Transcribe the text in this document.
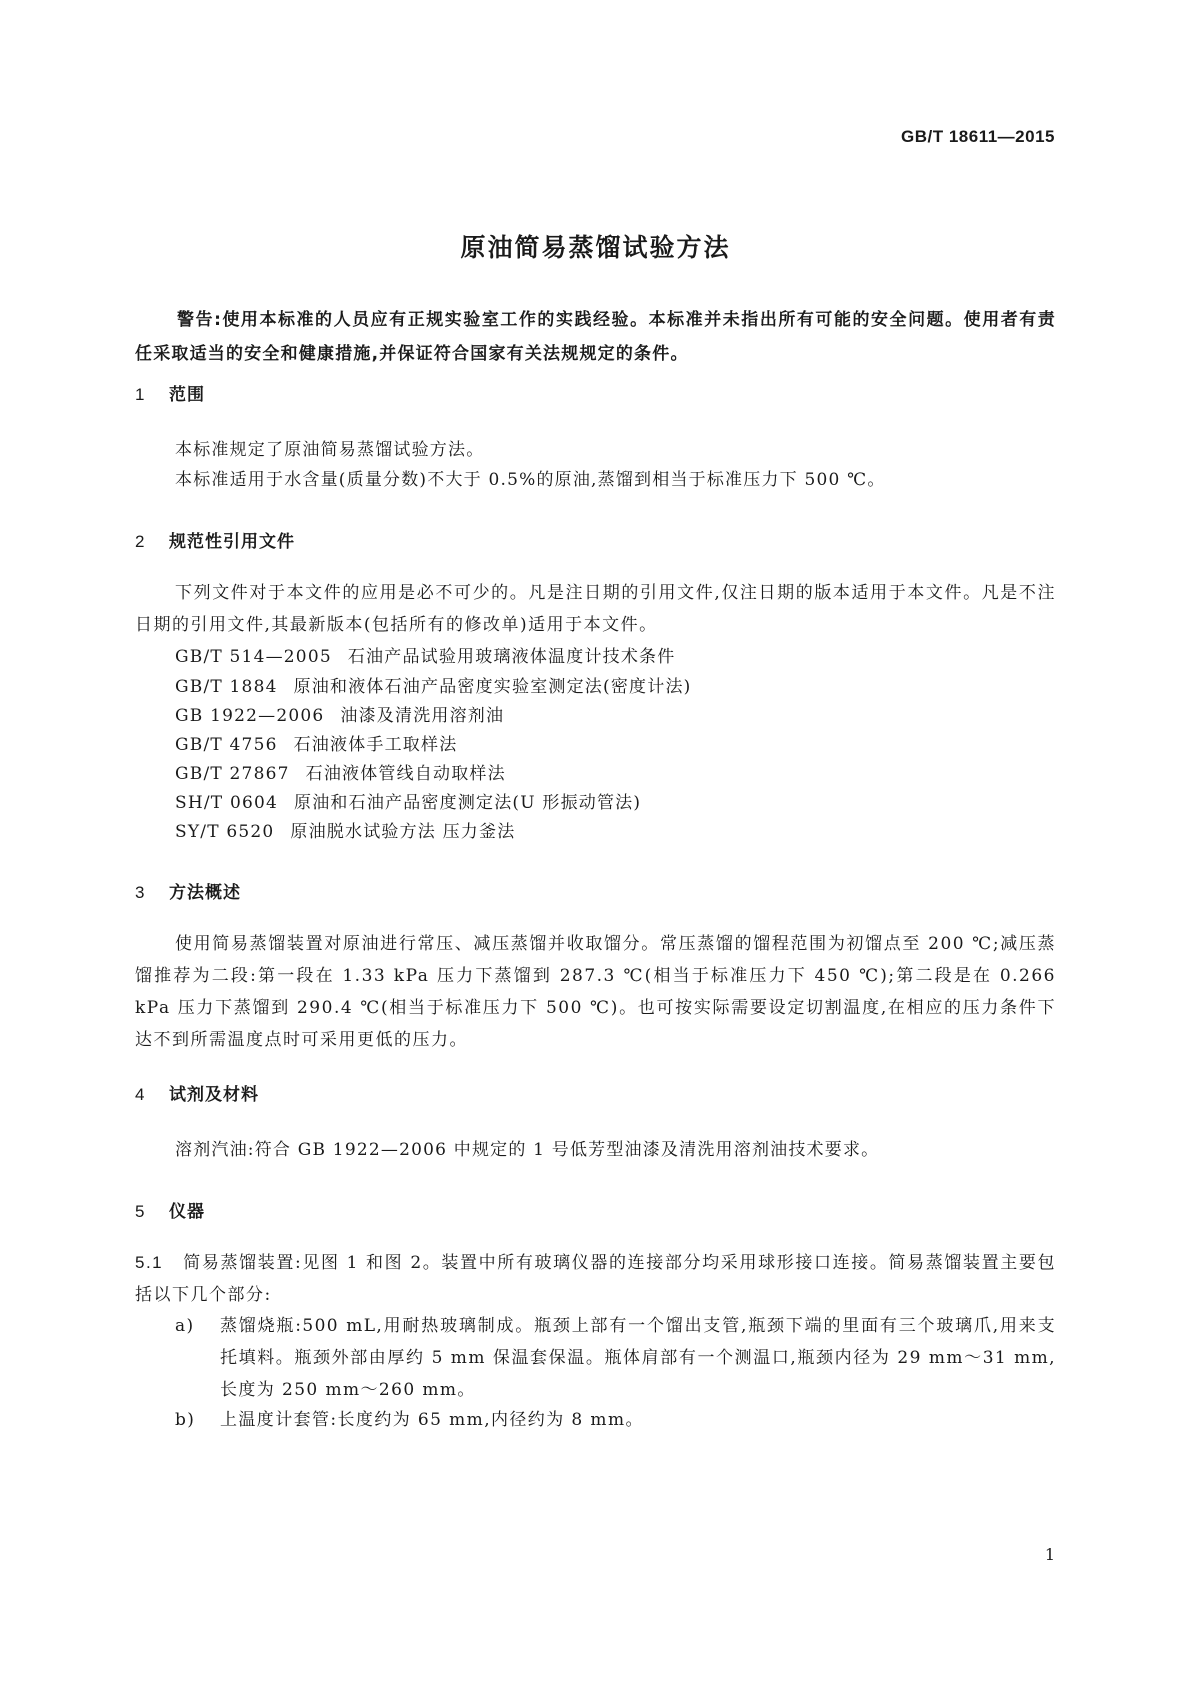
GB/T 18611—2015
原油简易蒸馏试验方法

警告:使用本标准的人员应有正规实验室工作的实践经验。本标准并未指出所有可能的安全问题。使用者有责任采取适当的安全和健康措施,并保证符合国家有关法规规定的条件。

1 范围

本标准规定了原油简易蒸馏试验方法。

本标准适用于水含量(质量分数)不大于 0.5%的原油,蒸馏到相当于标准压力下 500 ℃。

2 规范性引用文件

下列文件对于本文件的应用是必不可少的。凡是注日期的引用文件,仅注日期的版本适用于本文件。凡是不注日期的引用文件,其最新版本(包括所有的修改单)适用于本文件。

GB/T 514—2005 石油产品试验用玻璃液体温度计技术条件

GB/T 1884 原油和液体石油产品密度实验室测定法(密度计法)

GB 1922—2006 油漆及清洗用溶剂油

GB/T 4756 石油液体手工取样法

GB/T 27867 石油液体管线自动取样法

SH/T 0604 原油和石油产品密度测定法(U 形振动管法)

SY/T 6520 原油脱水试验方法 压力釜法

3 方法概述

使用简易蒸馏装置对原油进行常压、减压蒸馏并收取馏分。常压蒸馏的馏程范围为初馏点至 200 ℃;减压蒸馏推荐为二段:第一段在 1.33 kPa 压力下蒸馏到 287.3 ℃(相当于标准压力下 450 ℃);第二段是在 0.266 kPa 压力下蒸馏到 290.4 ℃(相当于标准压力下 500 ℃)。也可按实际需要设定切割温度,在相应的压力条件下达不到所需温度点时可采用更低的压力。

4 试剂及材料

溶剂汽油:符合 GB 1922—2006 中规定的 1 号低芳型油漆及清洗用溶剂油技术要求。

5 仪器

5.1 简易蒸馏装置:见图 1 和图 2。装置中所有玻璃仪器的连接部分均采用球形接口连接。简易蒸馏装置主要包括以下几个部分:

a) 蒸馏烧瓶:500 mL,用耐热玻璃制成。瓶颈上部有一个馏出支管,瓶颈下端的里面有三个玻璃爪,用来支托填料。瓶颈外部由厚约 5 mm 保温套保温。瓶体肩部有一个测温口,瓶颈内径为 29 mm～31 mm,长度为 250 mm～260 mm。
b) 上温度计套管:长度约为 65 mm,内径约为 8 mm。
1
